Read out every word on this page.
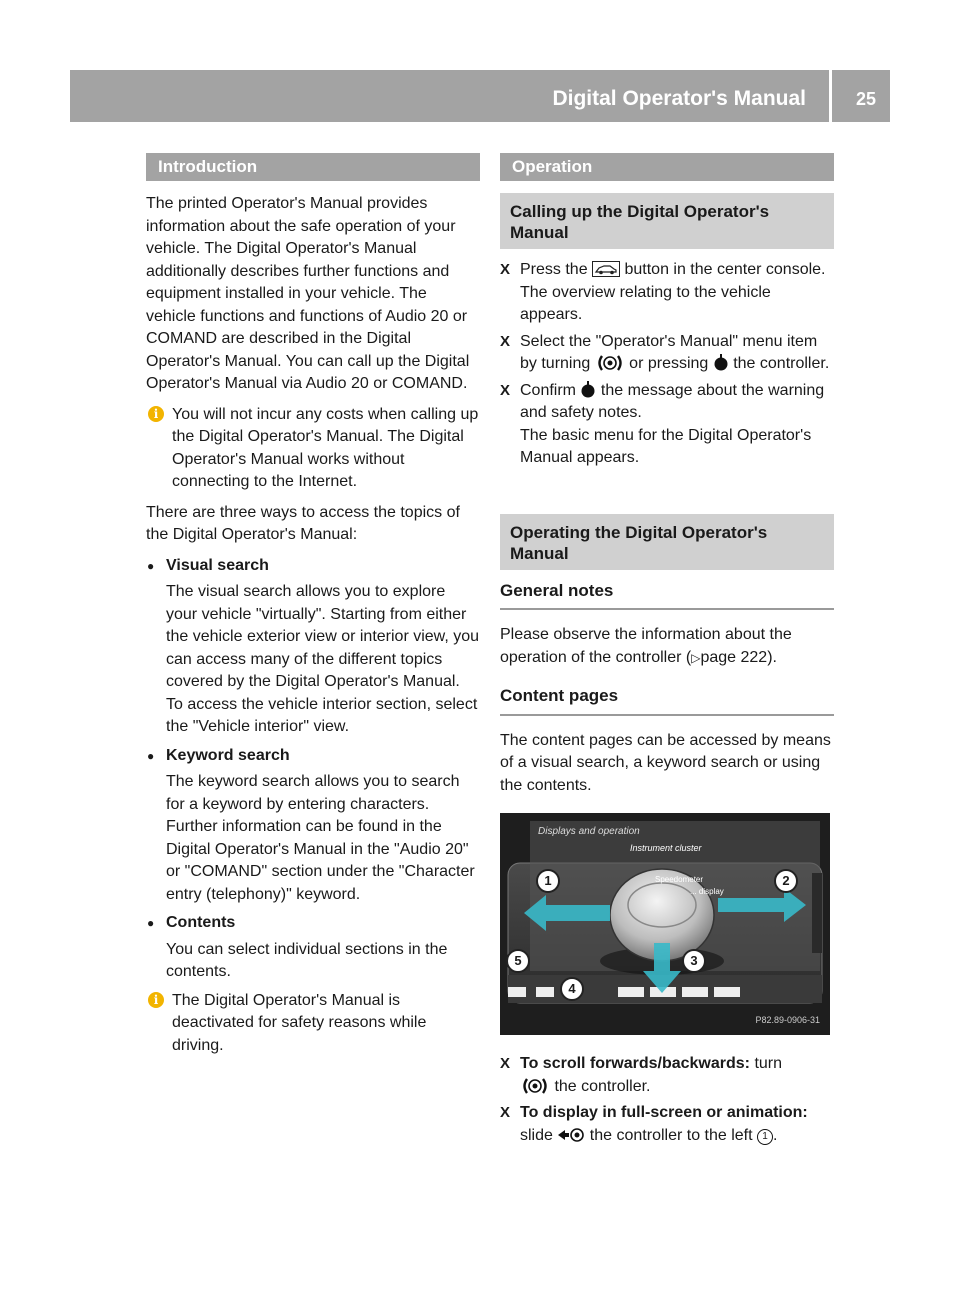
Digital Operator's Manual	25
Introduction

The printed Operator's Manual provides information about the safe operation of your vehicle. The Digital Operator's Manual additionally describes further functions and equipment installed in your vehicle. The vehicle functions and functions of Audio 20 or COMAND are described in the Digital Operator's Manual. You can call up the Digital Operator's Manual via Audio 20 or COMAND.

i You will not incur any costs when calling up the Digital Operator's Manual. The Digital Operator's Manual works without connecting to the Internet.

There are three ways to access the topics of the Digital Operator's Manual:

● Visual search
The visual search allows you to explore your vehicle "virtually". Starting from either the vehicle exterior view or interior view, you can access many of the different topics covered by the Digital Operator's Manual. To access the vehicle interior section, select the "Vehicle interior" view.
● Keyword search
The keyword search allows you to search for a keyword by entering characters. Further information can be found in the Digital Operator's Manual in the "Audio 20" or "COMAND" section under the "Character entry (telephony)" keyword.
● Contents
You can select individual sections in the contents.
i The Digital Operator's Manual is deactivated for safety reasons while driving.
Operation
Calling up the Digital Operator's Manual
X Press the  button in the center console.
The overview relating to the vehicle appears.
X Select the "Operator's Manual" menu item by turning  or pressing  the controller.
X Confirm  the message about the warning and safety notes.
The basic menu for the Digital Operator's Manual appears.
Operating the Digital Operator's Manual
General notes

Please observe the information about the operation of the controller (▷page 222).

Content pages

The content pages can be accessed by means of a visual search, a keyword search or using the contents.

Displays and operation
Instrument cluster
Speedometer
... display
1	2
3
4
5
P82.89-0906-31
X To scroll forwards/backwards: turn
the controller.
X To display in full-screen or animation:
slide  the controller to the left 1 .
